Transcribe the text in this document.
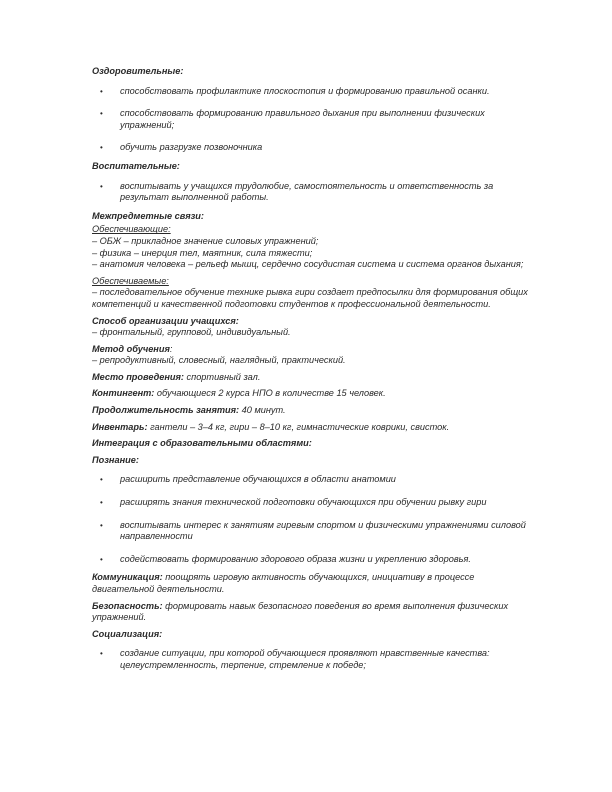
Оздоровительные:
• способствовать профилактике плоскостопия и формированию правильной осанки.
• способствовать формированию правильного дыхания при выполнении физических упражнений;
• обучить разгрузке позвоночника
Воспитательные:
• воспитывать у учащихся трудолюбие, самостоятельность и ответственность за результат выполненной работы.
Межпредметные связи:

Обеспечивающие:

– ОБЖ – прикладное значение силовых упражнений;

– физика – инерция тел, маятник, сила тяжести;

– анатомия человека – рельеф мышц, сердечно сосудистая система и система органов дыхания;

Обеспечиваемые:

– последовательное обучение технике рывка гири создает предпосылки для формирования общих компетенций и качественной подготовки студентов к профессиональной деятельности.

Способ организации учащихся:

– фронтальный, групповой, индивидуальный.

Метод обучения:

– репродуктивный, словесный, наглядный, практический.

Место проведения: спортивный зал.

Контингент: обучающиеся 2 курса НПО в количестве 15 человек.

Продолжительность занятия: 40 минут.

Инвентарь: гантели – 3–4 кг, гири – 8–10 кг, гимнастические коврики, свисток.

Интеграция с образовательными областями:
Познание:
• расширить представление обучающихся в области анатомии
• расширять знания технической подготовки обучающихся при обучении рывку гири
• воспитывать интерес к занятиям гиревым спортом и физическими упражнениями силовой направленности
• содействовать формированию здорового образа жизни и укреплению здоровья.

Коммуникация: поощрять игровую активность обучающихся, инициативу в процессе двигательной деятельности.

Безопасность: формировать навык безопасного поведения во время выполнения физических упражнений.

Социализация:
• создание ситуации, при которой обучающиеся проявляют нравственные качества: целеустремленность, терпение, стремление к победе;
